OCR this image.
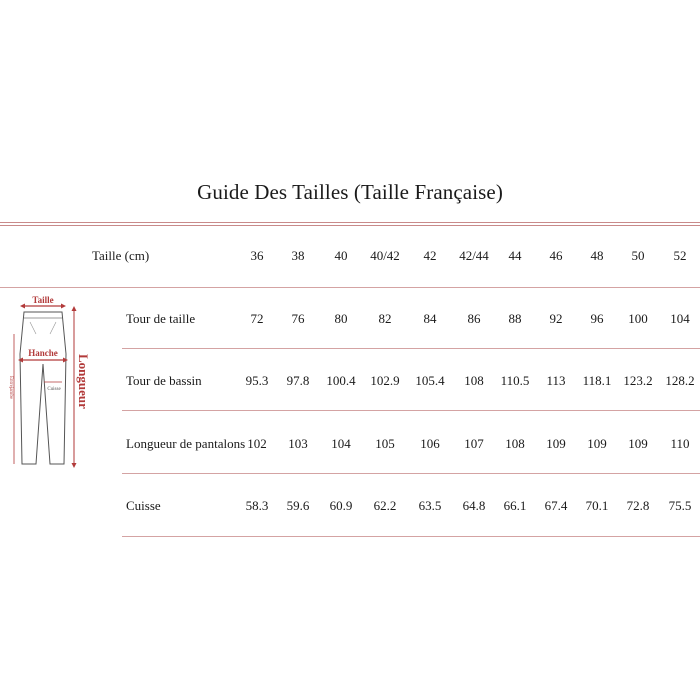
Guide Des Tailles (Taille Française)
Taille (cm)	36 38 40 40/42 42 42/44 44 46 48 50 52
Tour de taille	72 76 80 82 84 86 88 92 96 100 104
Tour de bassin	95.3 97.8 100.4 102.9 105.4 108 110.5 113 118.1 123.2 128.2
Longueur de pantalons 102 103 104 105 106 107 108 109 109 109 110
Cuisse	58.3 59.6 60.9 62.2 63.5 64.8 66.1 67.4 70.1 72.8 75.5
Taille
Hanche
Cuisse
Entrejambe	Longueur
